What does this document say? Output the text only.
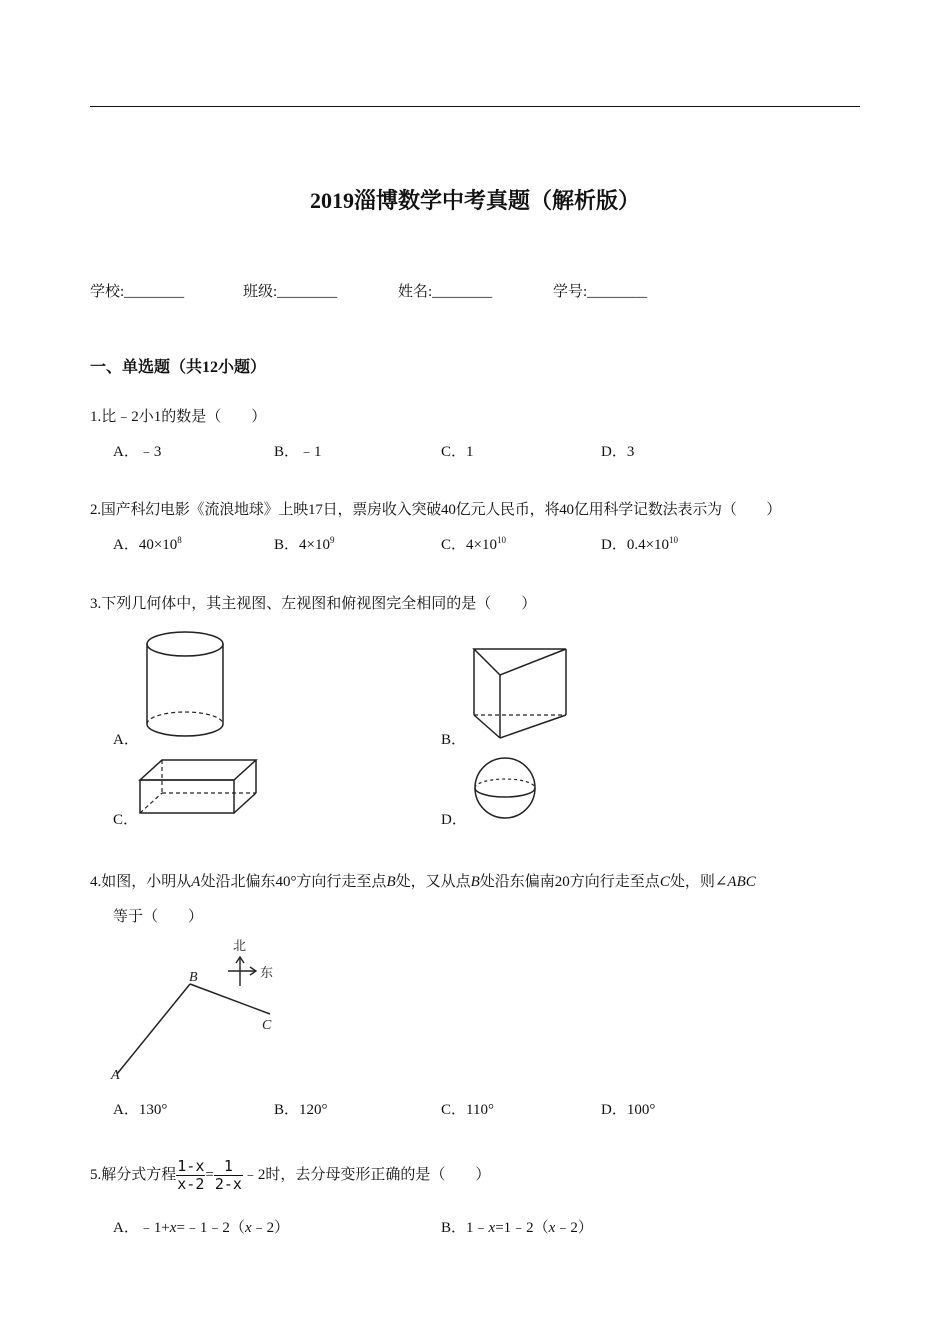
2019淄博数学中考真题（解析版）
学校:________	班级:________	姓名:________	学号:________
一、单选题（共12小题）
1.比﹣2小1的数是（　　）
A．﹣3	B．﹣1	C．1	D．3
2.国产科幻电影《流浪地球》上映17日，票房收入突破40亿元人民币，将40亿用科学记数法表示为（　　）
A．$40\times 10^8$	B．$4\times 10^9$	C．$4\times 10^{10}$	D．$0.4\times 10^{10}$
3.下列几何体中，其主视图、左视图和俯视图完全相同的是（　　）
A．	B．
C．	D．
4.如图，小明从A处沿北偏东40°方向行走至点B处，又从点B处沿东偏南20方向行走至点C处，则∠ABC
等于（　　）
北
东
B
C
A
A．130°	B．120°	C．110°	D．100°
5.解分式方程 $\frac{1-x}{x-2} = \frac{1}{2-x}$ ﹣2时，去分母变形正确的是（　　）
A．﹣1+x=﹣1﹣2（x﹣2）	B．1﹣x=1﹣2（x﹣2）
